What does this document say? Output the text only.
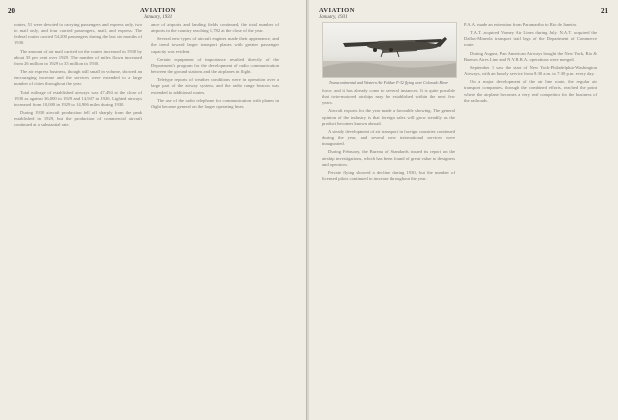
20	AVIATION
January, 1931

routes, 51 were devoted to carrying passengers and express only, two to mail only, and four carried passengers, mail, and express. The federal routes carried 54,200 passengers during the last six months of 1930.

The amount of air mail carried on the routes increased in 1930 by about 35 per cent over 1929. The number of miles flown increased from 26 million in 1929 to 35 million in 1930.

The air express business, though still small in volume, showed an encouraging increase and the services were extended to a large number of cities throughout the year.

Total mileage of established airways was 47,494 at the close of 1930 as against 36,000 in 1929 and 14,947 in 1926. Lighted airways increased from 10,000 in 1929 to 14,906 miles during 1930.

During 1930 aircraft production fell off sharply from the peak established in 1929, but the production of commercial aircraft continued at a substantial rate.

ance of airports and landing fields continued, the total number of airports in the country reaching 1,782 at the close of the year.

Several new types of aircraft engines made their appearance, and the trend toward larger transport planes with greater passenger capacity was evident.

Certain equipment of importance resulted directly of the Department's program for the development of radio communication between the ground stations and the airplanes in flight.

Teletype reports of weather conditions were in operation over a large part of the airway system, and the radio range beacon was extended to additional routes.

The use of the radio telephone for communication with planes in flight became general on the larger operating lines.

AVIATION
January, 1931
21
Transcontinental and Western Air Fokker F-32 flying over Colorado River

force, and it has already come to several instances. It is quite possible that twin-motored airships may be established within the next few years.

Aircraft exports for the year made a favorable showing. The general opinion of the industry is that foreign sales will grow steadily as the product becomes known abroad.

A steady development of air transport in foreign countries continued during the year, and several new international services were inaugurated.

During February, the Bureau of Standards issued its report on the airship investigations, which has been found of great value to designers and operators.

Private flying showed a decline during 1930, but the number of licensed pilots continued to increase throughout the year.

P.A.A. made an extension from Paramaribo to Rio de Janeiro.

T.A.T. acquired Varney Air Lines during July. N.A.T. acquired the Dallas-Mineola transport trail legs of the Department of Commerce route.

During August, Pan American Airways bought the New York, Rio & Buenos Aires Line and N.Y.R.B.A. operations were merged.

September 1 saw the start of New York-Philadelphia-Washington Airways, with an hourly service from 8:30 a.m. to 7:30 p.m. every day.

On a major development of the air line route, the regular air transport companies, through the combined efforts, reached the point where the airplane becomes a very real competitor for the business of the railroads.
